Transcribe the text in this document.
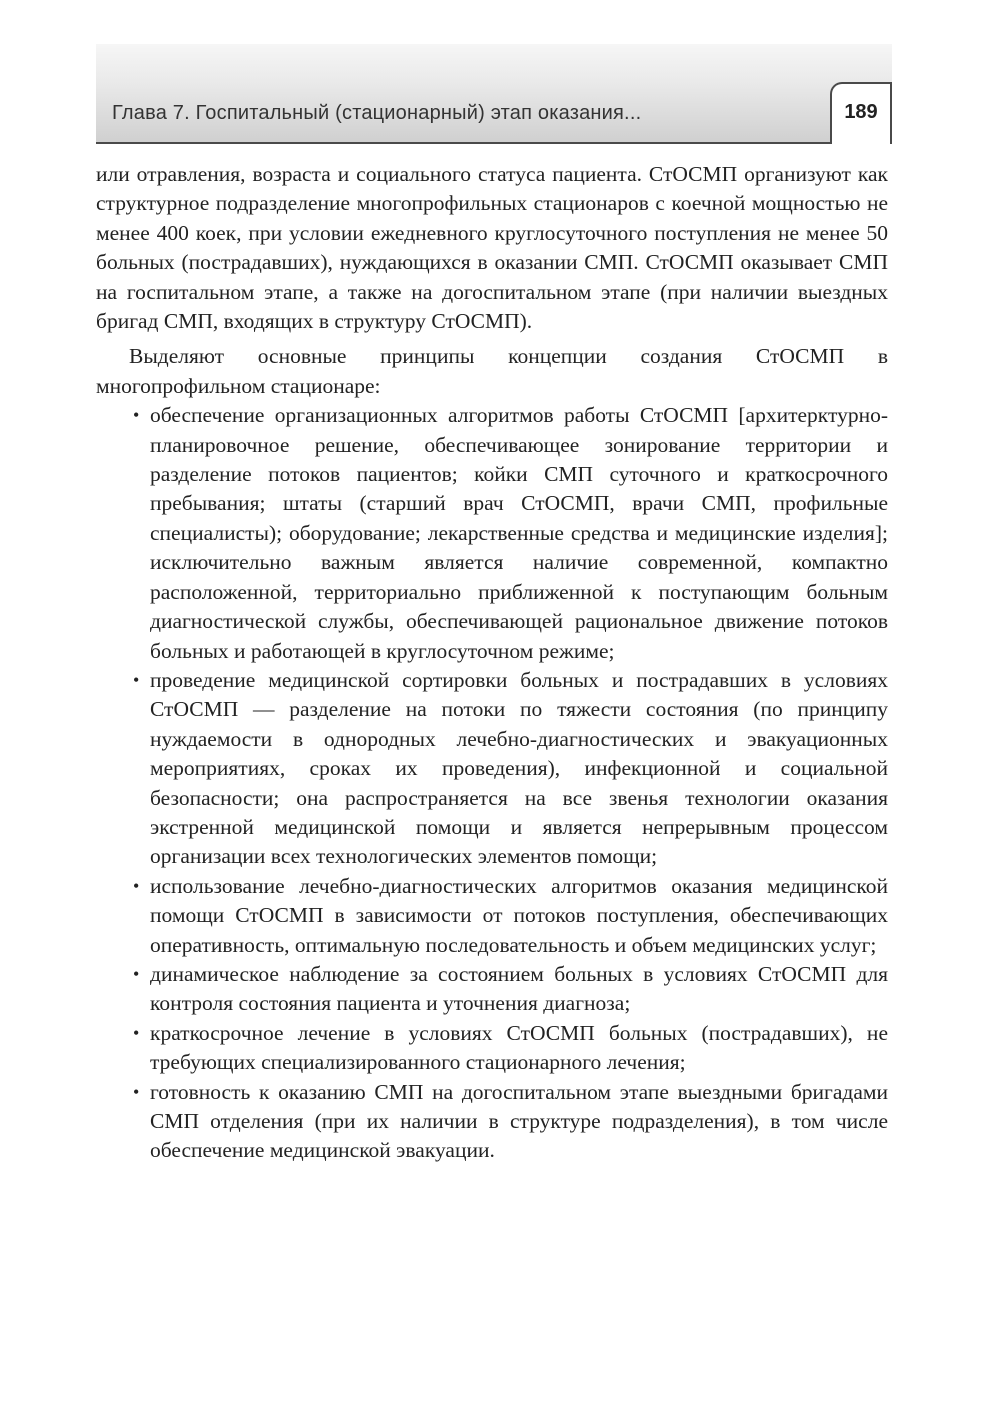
Глава 7. Госпитальный (стационарный) этап оказания...	189

или отравления, возраста и социального статуса пациента. СтОСМП организуют как структурное подразделение многопрофильных стационаров с коечной мощностью не менее 400 коек, при условии ежедневного круглосуточного поступления не менее 50 больных (пострадавших), нуждающихся в оказании СМП. СтОСМП оказывает СМП на госпитальном этапе, а также на догоспитальном этапе (при наличии выездных бригад СМП, входящих в структуру СтОСМП).

Выделяют основные принципы концепции создания СтОСМП в многопрофильном стационаре:

• обеспечение организационных алгоритмов работы СтОСМП [архитерктурно-планировочное решение, обеспечивающее зонирование территории и разделение потоков пациентов; койки СМП суточного и краткосрочного пребывания; штаты (старший врач СтОСМП, врачи СМП, профильные специалисты); оборудование; лекарственные средства и медицинские изделия]; исключительно важным является наличие современной, компактно расположенной, территориально приближенной к поступающим больным диагностической службы, обеспечивающей рациональное движение потоков больных и работающей в круглосуточном режиме;
• проведение медицинской сортировки больных и пострадавших в условиях СтОСМП — разделение на потоки по тяжести состояния (по принципу нуждаемости в однородных лечебно-диагностических и эвакуационных мероприятиях, сроках их проведения), инфекционной и социальной безопасности; она распространяется на все звенья технологии оказания экстренной медицинской помощи и является непрерывным процессом организации всех технологических элементов помощи;
• использование лечебно-диагностических алгоритмов оказания медицинской помощи СтОСМП в зависимости от потоков поступления, обеспечивающих оперативность, оптимальную последовательность и объем медицинских услуг;
• динамическое наблюдение за состоянием больных в условиях СтОСМП для контроля состояния пациента и уточнения диагноза;
• краткосрочное лечение в условиях СтОСМП больных (пострадавших), не требующих специализированного стационарного лечения;
• готовность к оказанию СМП на догоспитальном этапе выездными бригадами СМП отделения (при их наличии в структуре подразделения), в том числе обеспечение медицинской эвакуации.
